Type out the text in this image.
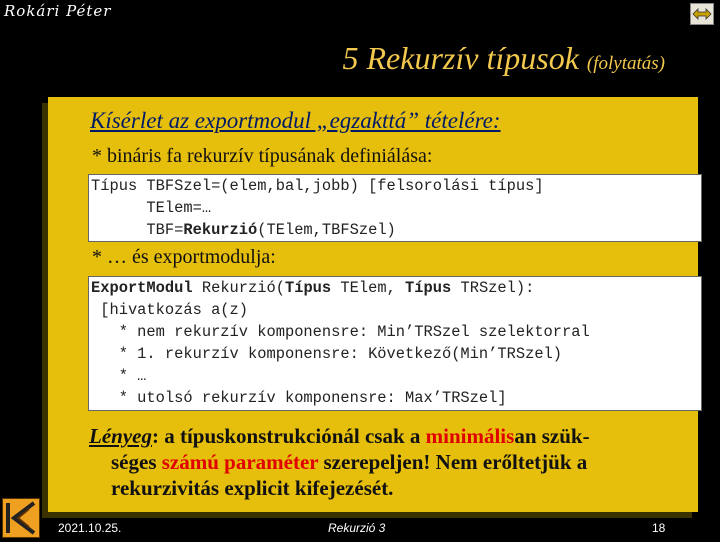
Rokári Péter
5 Rekurzív típusok (folytatás)
Kísérlet az exportmodul „egzakttá” tételére:
* bináris fa rekurzív típusának definiálása:
Típus TBFSzel=(elem,bal,jobb) [felsorolási típus]
TElem=…
TBF=Rekurzió(TElem,TBFSzel)
* … és exportmodulja:
ExportModul Rekurzió(Típus TElem, Típus TRSzel):
[hivatkozás a(z)
* nem rekurzív komponensre: Min’TRSzel szelektorral
* 1. rekurzív komponensre: Következő(Min’TRSzel)
* …
* utolsó rekurzív komponensre: Max’TRSzel]
Lényeg: a típuskonstrukciónál csak a minimálisan szük-
séges számú paraméter szerepeljen! Nem erőltetjük a
rekurzivitás explicit kifejezését.
2021.10.25.	Rekurzió 3	18
